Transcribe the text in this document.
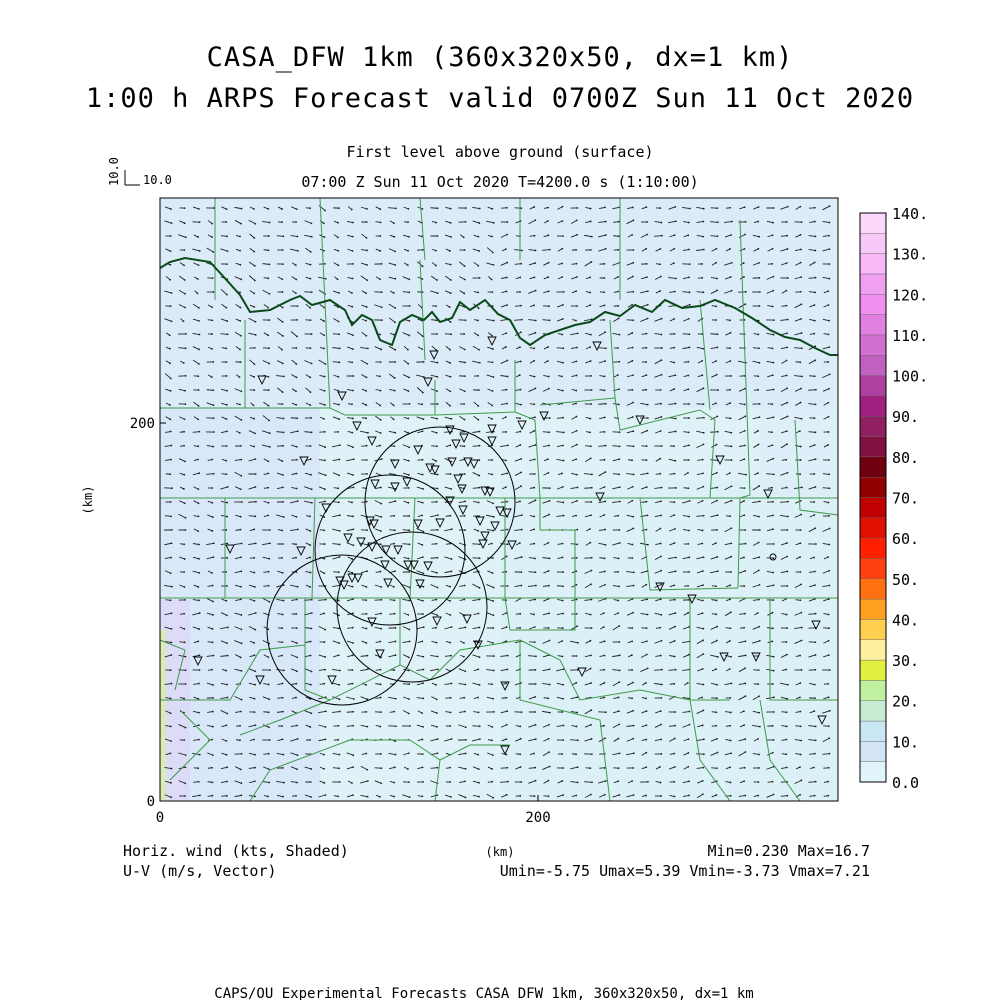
CASA_DFW 1km (360x320x50, dx=1 km)
1:00 h ARPS Forecast valid 0700Z Sun 11 Oct 2020
First level above ground (surface)
07:00 Z Sun 11 Oct 2020 T=4200.0 s (1:10:00)
10.0 10.0
0
200
0	200
(km)
(km)
0.0
10.
20.
30.
40.
50.
60.
70.
80.
90.
100.
110.
120.
130.
140.
Horiz. wind (kts, Shaded)
U-V (m/s, Vector)
Min=0.230 Max=16.7
Umin=-5.75 Umax=5.39 Vmin=-3.73 Vmax=7.21
CAPS/OU Experimental Forecasts CASA DFW 1km, 360x320x50, dx=1 km
